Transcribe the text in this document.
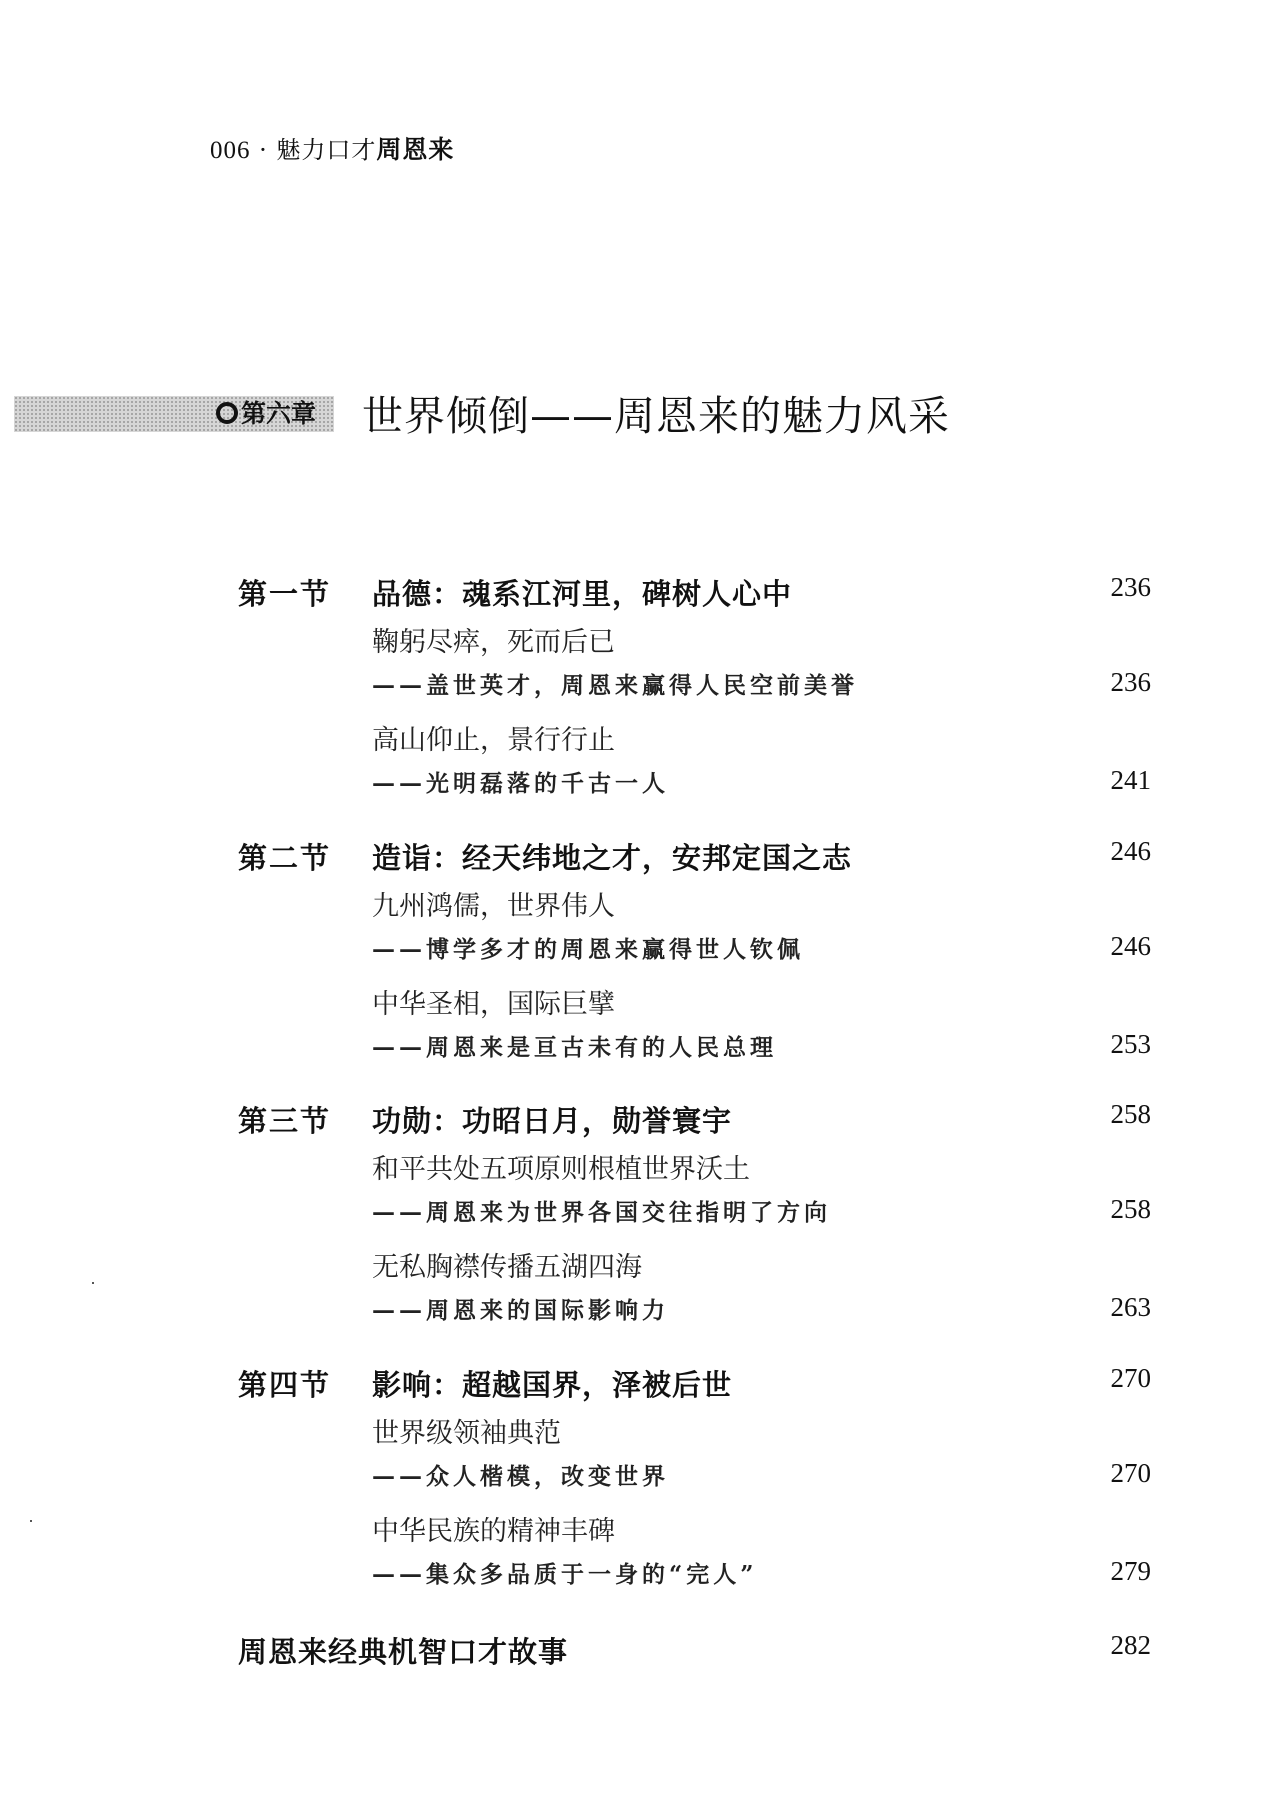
006 · 魅力口才周恩来
第六章 世界倾倒——周恩来的魅力风采
第一节 品德：魂系江河里，碑树人心中	236
鞠躬尽瘁，死而后已
——盖世英才，周恩来赢得人民空前美誉	236
高山仰止，景行行止
——光明磊落的千古一人	241
第二节 造诣：经天纬地之才，安邦定国之志	246
九州鸿儒，世界伟人
——博学多才的周恩来赢得世人钦佩	246
中华圣相，国际巨擘
——周恩来是亘古未有的人民总理	253
第三节 功勋：功昭日月，勋誉寰宇	258
和平共处五项原则根植世界沃土
——周恩来为世界各国交往指明了方向	258
无私胸襟传播五湖四海
——周恩来的国际影响力	263
第四节 影响：超越国界，泽被后世	270
世界级领袖典范
——众人楷模，改变世界	270
中华民族的精神丰碑
——集众多品质于一身的“完人”	279
周恩来经典机智口才故事	282
